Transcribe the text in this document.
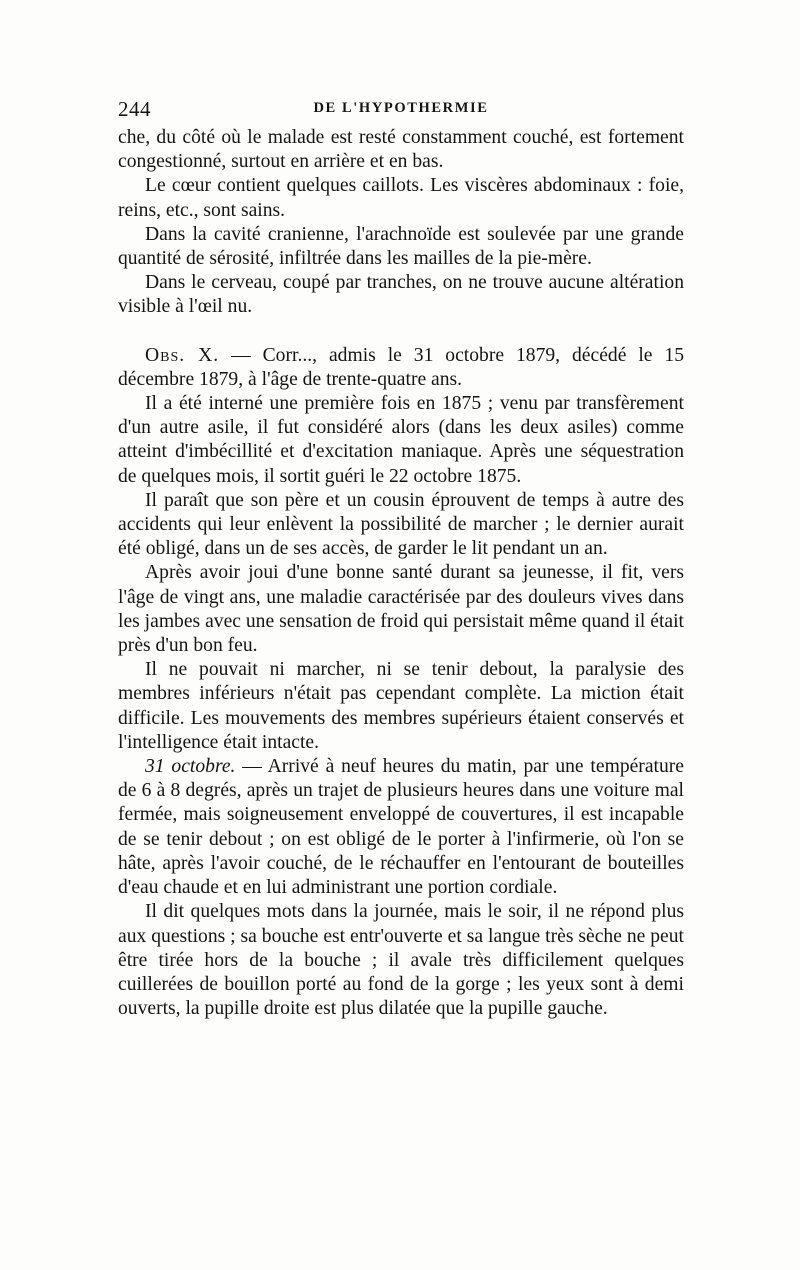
244	DE L'HYPOTHERMIE

che, du côté où le malade est resté constamment couché, est fortement congestionné, surtout en arrière et en bas.

Le cœur contient quelques caillots. Les viscères abdominaux : foie, reins, etc., sont sains.

Dans la cavité cranienne, l'arachnoïde est soulevée par une grande quantité de sérosité, infiltrée dans les mailles de la pie-mère.

Dans le cerveau, coupé par tranches, on ne trouve aucune altération visible à l'œil nu.

Obs. X. — Corr..., admis le 31 octobre 1879, décédé le 15 décembre 1879, à l'âge de trente-quatre ans.

Il a été interné une première fois en 1875 ; venu par transfèrement d'un autre asile, il fut considéré alors (dans les deux asiles) comme atteint d'imbécillité et d'excitation maniaque. Après une séquestration de quelques mois, il sortit guéri le 22 octobre 1875.

Il paraît que son père et un cousin éprouvent de temps à autre des accidents qui leur enlèvent la possibilité de marcher ; le dernier aurait été obligé, dans un de ses accès, de garder le lit pendant un an.

Après avoir joui d'une bonne santé durant sa jeunesse, il fit, vers l'âge de vingt ans, une maladie caractérisée par des douleurs vives dans les jambes avec une sensation de froid qui persistait même quand il était près d'un bon feu.

Il ne pouvait ni marcher, ni se tenir debout, la paralysie des membres inférieurs n'était pas cependant complète. La miction était difficile. Les mouvements des membres supérieurs étaient conservés et l'intelligence était intacte.

31 octobre. — Arrivé à neuf heures du matin, par une température de 6 à 8 degrés, après un trajet de plusieurs heures dans une voiture mal fermée, mais soigneusement enveloppé de couvertures, il est incapable de se tenir debout ; on est obligé de le porter à l'infirmerie, où l'on se hâte, après l'avoir couché, de le réchauffer en l'entourant de bouteilles d'eau chaude et en lui administrant une portion cordiale.

Il dit quelques mots dans la journée, mais le soir, il ne répond plus aux questions ; sa bouche est entr'ouverte et sa langue très sèche ne peut être tirée hors de la bouche ; il avale très difficilement quelques cuillerées de bouillon porté au fond de la gorge ; les yeux sont à demi ouverts, la pupille droite est plus dilatée que la pupille gauche.
